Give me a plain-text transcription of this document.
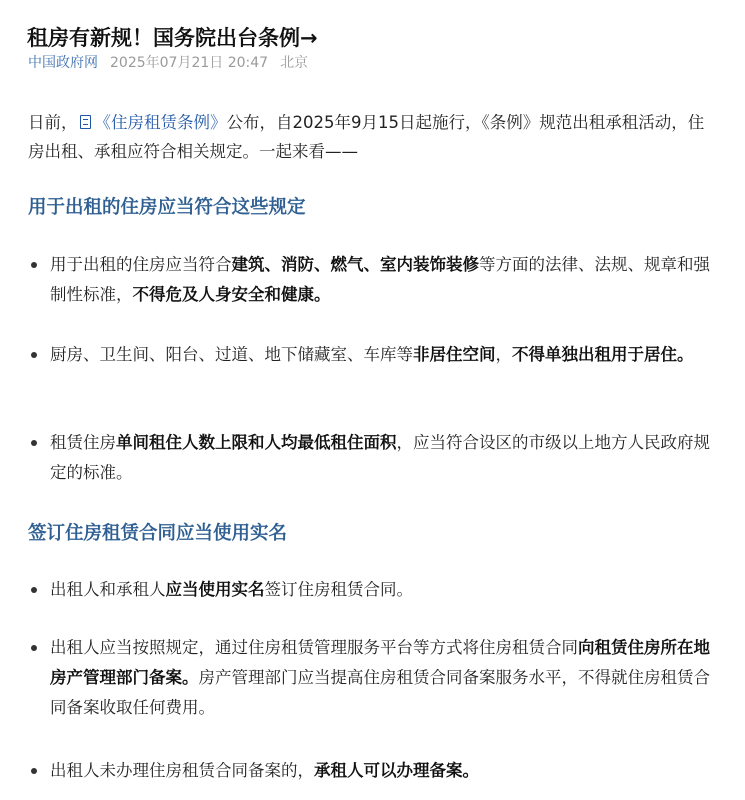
租房有新规！国务院出台条例→
中国政府网 2025年07月21日 20:47 北京

日前， 《住房租赁条例》公布，自2025年9月15日起施行，《条例》规范出租承租活动，住房出租、承租应符合相关规定。一起来看——

用于出租的住房应当符合这些规定

用于出租的住房应当符合建筑、消防、燃气、室内装饰装修等方面的法律、法规、规章和强制性标准，不得危及人身安全和健康。

厨房、卫生间、阳台、过道、地下储藏室、车库等非居住空间，不得单独出租用于居住。

租赁住房单间租住人数上限和人均最低租住面积，应当符合设区的市级以上地方人民政府规定的标准。

签订住房租赁合同应当使用实名

出租人和承租人应当使用实名签订住房租赁合同。

出租人应当按照规定，通过住房租赁管理服务平台等方式将住房租赁合同向租赁住房所在地房产管理部门备案。房产管理部门应当提高住房租赁合同备案服务水平，不得就住房租赁合同备案收取任何费用。

出租人未办理住房租赁合同备案的，承租人可以办理备案。
